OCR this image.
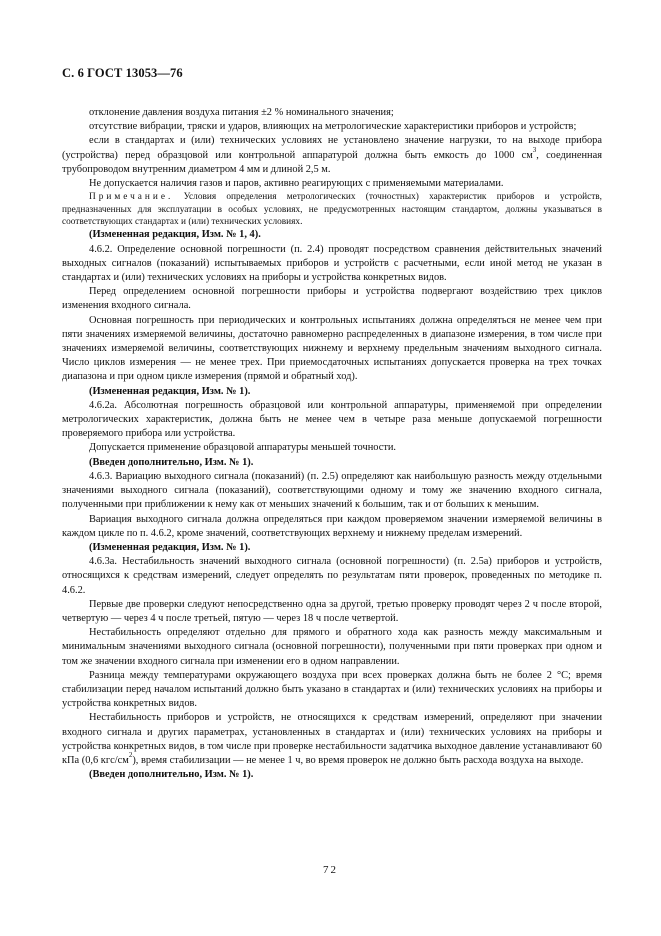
С. 6 ГОСТ 13053—76

отклонение давления воздуха питания ±2 % номинального значения;

отсутствие вибрации, тряски и ударов, влияющих на метрологические характеристики приборов и устройств;

если в стандартах и (или) технических условиях не установлено значение нагрузки, то на выходе прибора (устройства) перед образцовой или контрольной аппаратурой должна быть емкость до 1000 $см^3$, соединенная трубопроводом внутренним диаметром 4 мм и длиной 2,5 м.

Не допускается наличия газов и паров, активно реагирующих с применяемыми материалами.

Примечание. Условия определения метрологических (точностных) характеристик приборов и устройств, предназначенных для эксплуатации в особых условиях, не предусмотренных настоящим стандартом, должны указываться в соответствующих стандартах и (или) технических условиях.

(Измененная редакция, Изм. № 1, 4).

4.6.2. Определение основной погрешности (п. 2.4) проводят посредством сравнения действительных значений выходных сигналов (показаний) испытываемых приборов и устройств с расчетными, если иной метод не указан в стандартах и (или) технических условиях на приборы и устройства конкретных видов.

Перед определением основной погрешности приборы и устройства подвергают воздействию трех циклов изменения входного сигнала.

Основная погрешность при периодических и контрольных испытаниях должна определяться не менее чем при пяти значениях измеряемой величины, достаточно равномерно распределенных в диапазоне измерения, в том числе при значениях измеряемой величины, соответствующих нижнему и верхнему предельным значениям выходного сигнала. Число циклов измерения — не менее трех. При приемосдаточных испытаниях допускается проверка на трех точках диапазона и при одном цикле измерения (прямой и обратный ход).

(Измененная редакция, Изм. № 1).

4.6.2а. Абсолютная погрешность образцовой или контрольной аппаратуры, применяемой при определении метрологических характеристик, должна быть не менее чем в четыре раза меньше допускаемой погрешности проверяемого прибора или устройства.

Допускается применение образцовой аппаратуры меньшей точности.

(Введен дополнительно, Изм. № 1).

4.6.3. Вариацию выходного сигнала (показаний) (п. 2.5) определяют как наибольшую разность между отдельными значениями выходного сигнала (показаний), соответствующими одному и тому же значению входного сигнала, полученными при приближении к нему как от меньших значений к большим, так и от больших к меньшим.

Вариация выходного сигнала должна определяться при каждом проверяемом значении измеряемой величины в каждом цикле по п. 4.6.2, кроме значений, соответствующих верхнему и нижнему пределам измерений.

(Измененная редакция, Изм. № 1).

4.6.3а. Нестабильность значений выходного сигнала (основной погрешности) (п. 2.5а) приборов и устройств, относящихся к средствам измерений, следует определять по результатам пяти проверок, проведенных по методике п. 4.6.2.

Первые две проверки следуют непосредственно одна за другой, третью проверку проводят через 2 ч после второй, четвертую — через 4 ч после третьей, пятую — через 18 ч после четвертой.

Нестабильность определяют отдельно для прямого и обратного хода как разность между максимальным и минимальным значениями выходного сигнала (основной погрешности), полученными при пяти проверках при одном и том же значении входного сигнала при изменении его в одном направлении.

Разница между температурами окружающего воздуха при всех проверках должна быть не более 2 °С; время стабилизации перед началом испытаний должно быть указано в стандартах и (или) технических условиях на приборы и устройства конкретных видов.

Нестабильность приборов и устройств, не относящихся к средствам измерений, определяют при значении входного сигнала и других параметрах, установленных в стандартах и (или) технических условиях на приборы и устройства конкретных видов, в том числе при проверке нестабильности задатчика выходное давление устанавливают 60 кПа (0,6 кгс/$см^2$), время стабилизации — не менее 1 ч, во время проверок не должно быть расхода воздуха на выходе.

(Введен дополнительно, Изм. № 1).

72
